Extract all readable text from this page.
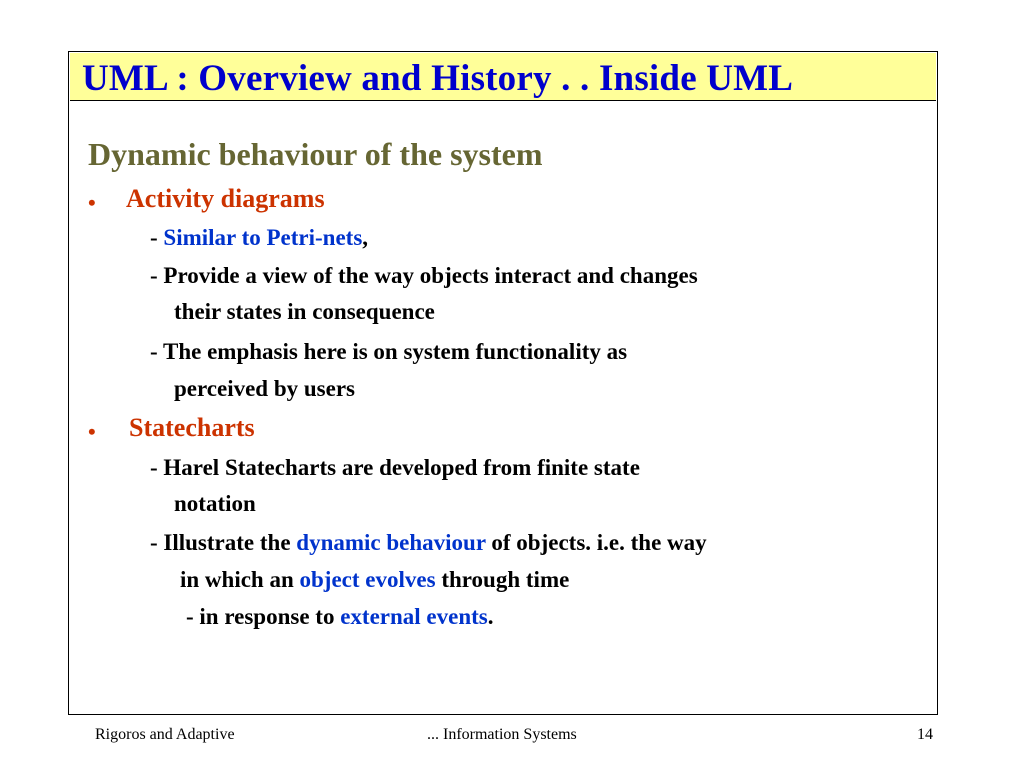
UML : Overview and History . . Inside UML
Dynamic behaviour of the system
• Activity diagrams
- Similar to Petri-nets,
- Provide a view of the way objects interact and changes
their states in consequence
- The emphasis here is on system functionality as
perceived by users
• Statecharts
- Harel Statecharts are developed from finite state
notation
- Illustrate the dynamic behaviour of objects. i.e. the way
in which an object evolves through time
- in response to external events.
Rigoros and Adaptive	... Information Systems	14
